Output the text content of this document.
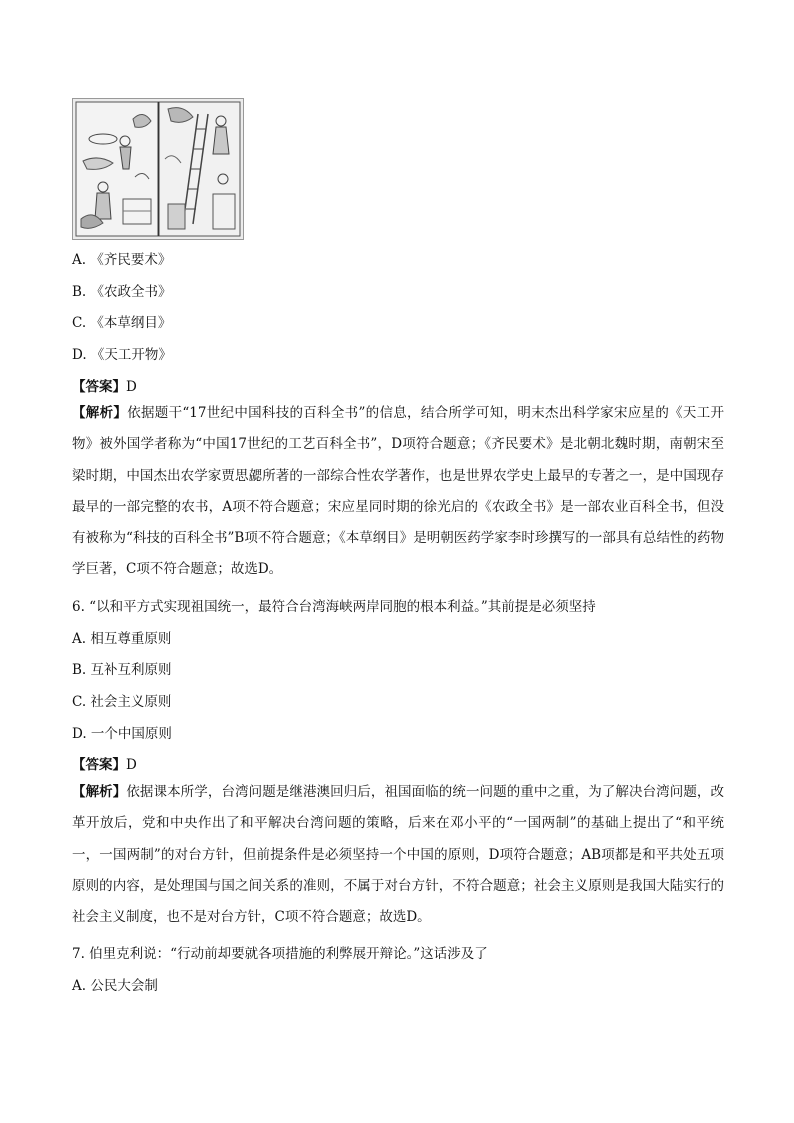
A. 《齐民要术》
B. 《农政全书》
C. 《本草纲目》
D. 《天工开物》
【答案】D
【解析】依据题干“17世纪中国科技的百科全书”的信息，结合所学可知，明末杰出科学家宋应星的《天工开物》被外国学者称为“中国17世纪的工艺百科全书”，D项符合题意；《齐民要术》是北朝北魏时期，南朝宋至梁时期，中国杰出农学家贾思勰所著的一部综合性农学著作，也是世界农学史上最早的专著之一，是中国现存最早的一部完整的农书，A项不符合题意；宋应星同时期的徐光启的《农政全书》是一部农业百科全书，但没有被称为“科技的百科全书”B项不符合题意；《本草纲目》是明朝医药学家李时珍撰写的一部具有总结性的药物学巨著，C项不符合题意；故选D。
6. “以和平方式实现祖国统一，最符合台湾海峡两岸同胞的根本利益。”其前提是必须坚持
A. 相互尊重原则
B. 互补互利原则
C. 社会主义原则
D. 一个中国原则
【答案】D
【解析】依据课本所学，台湾问题是继港澳回归后，祖国面临的统一问题的重中之重，为了解决台湾问题，改革开放后，党和中央作出了和平解决台湾问题的策略，后来在邓小平的“一国两制”的基础上提出了“和平统一，一国两制”的对台方针，但前提条件是必须坚持一个中国的原则，D项符合题意；AB项都是和平共处五项原则的内容，是处理国与国之间关系的准则，不属于对台方针，不符合题意；社会主义原则是我国大陆实行的社会主义制度，也不是对台方针，C项不符合题意；故选D。
7. 伯里克利说：“行动前却要就各项措施的利弊展开辩论。”这话涉及了
A. 公民大会制
